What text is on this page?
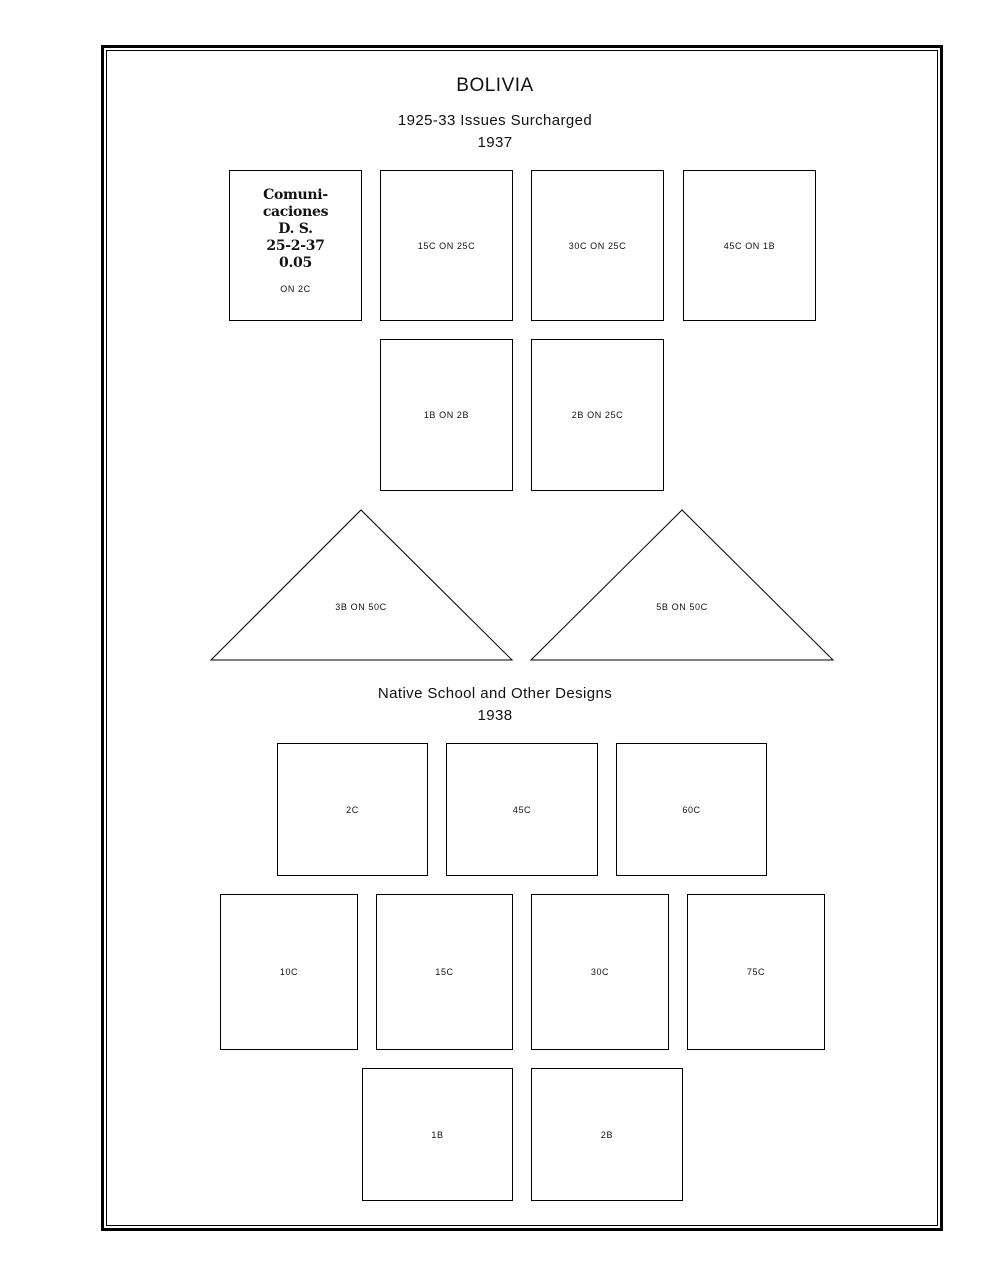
BOLIVIA
1925-33 Issues Surcharged
1937
Comuni-
caciones
D. S.
25-2-37
0.05
ON 2C
15C ON 25C	30C ON 25C	45C ON 1B
1B ON 2B	2B ON 25C
3B ON 50C	5B ON 50C
Native School and Other Designs
1938
2C	45C	60C
10C	15C	30C	75C
1B	2B
